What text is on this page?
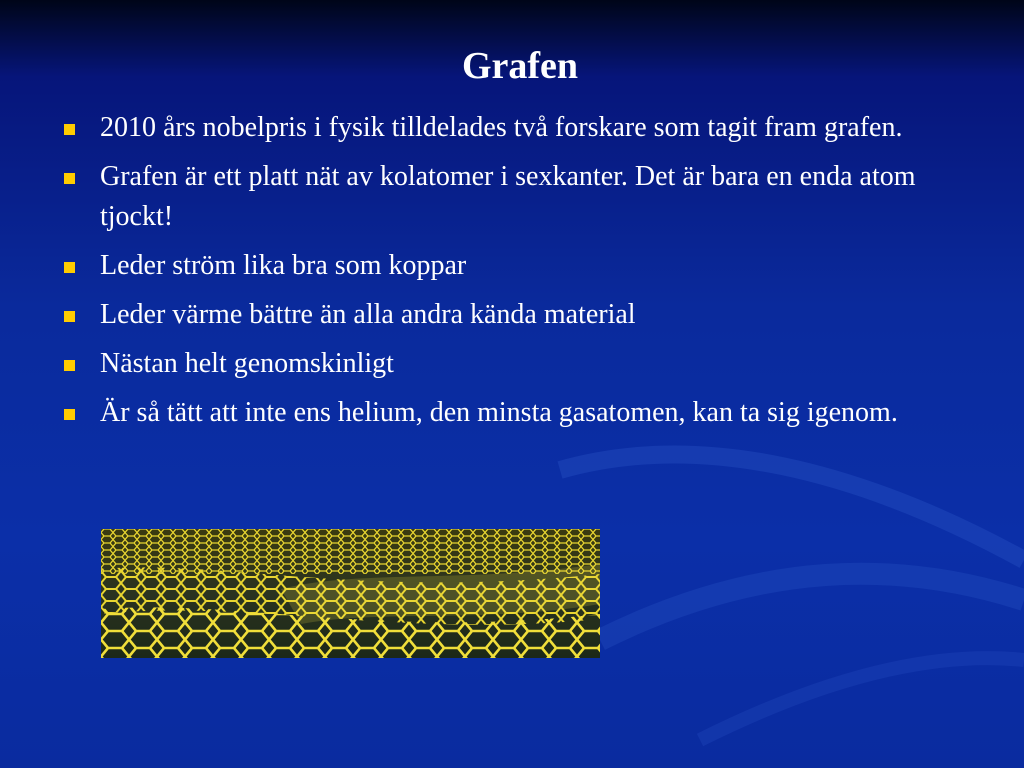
Grafen
2010 års nobelpris i fysik tilldelades två forskare som tagit fram grafen.
Grafen är ett platt nät av kolatomer i sexkanter. Det är bara en enda atom tjockt!
Leder ström lika bra som koppar
Leder värme bättre än alla andra kända material
Nästan helt genomskinligt
Är så tätt att inte ens helium, den minsta gasatomen, kan ta sig igenom.
